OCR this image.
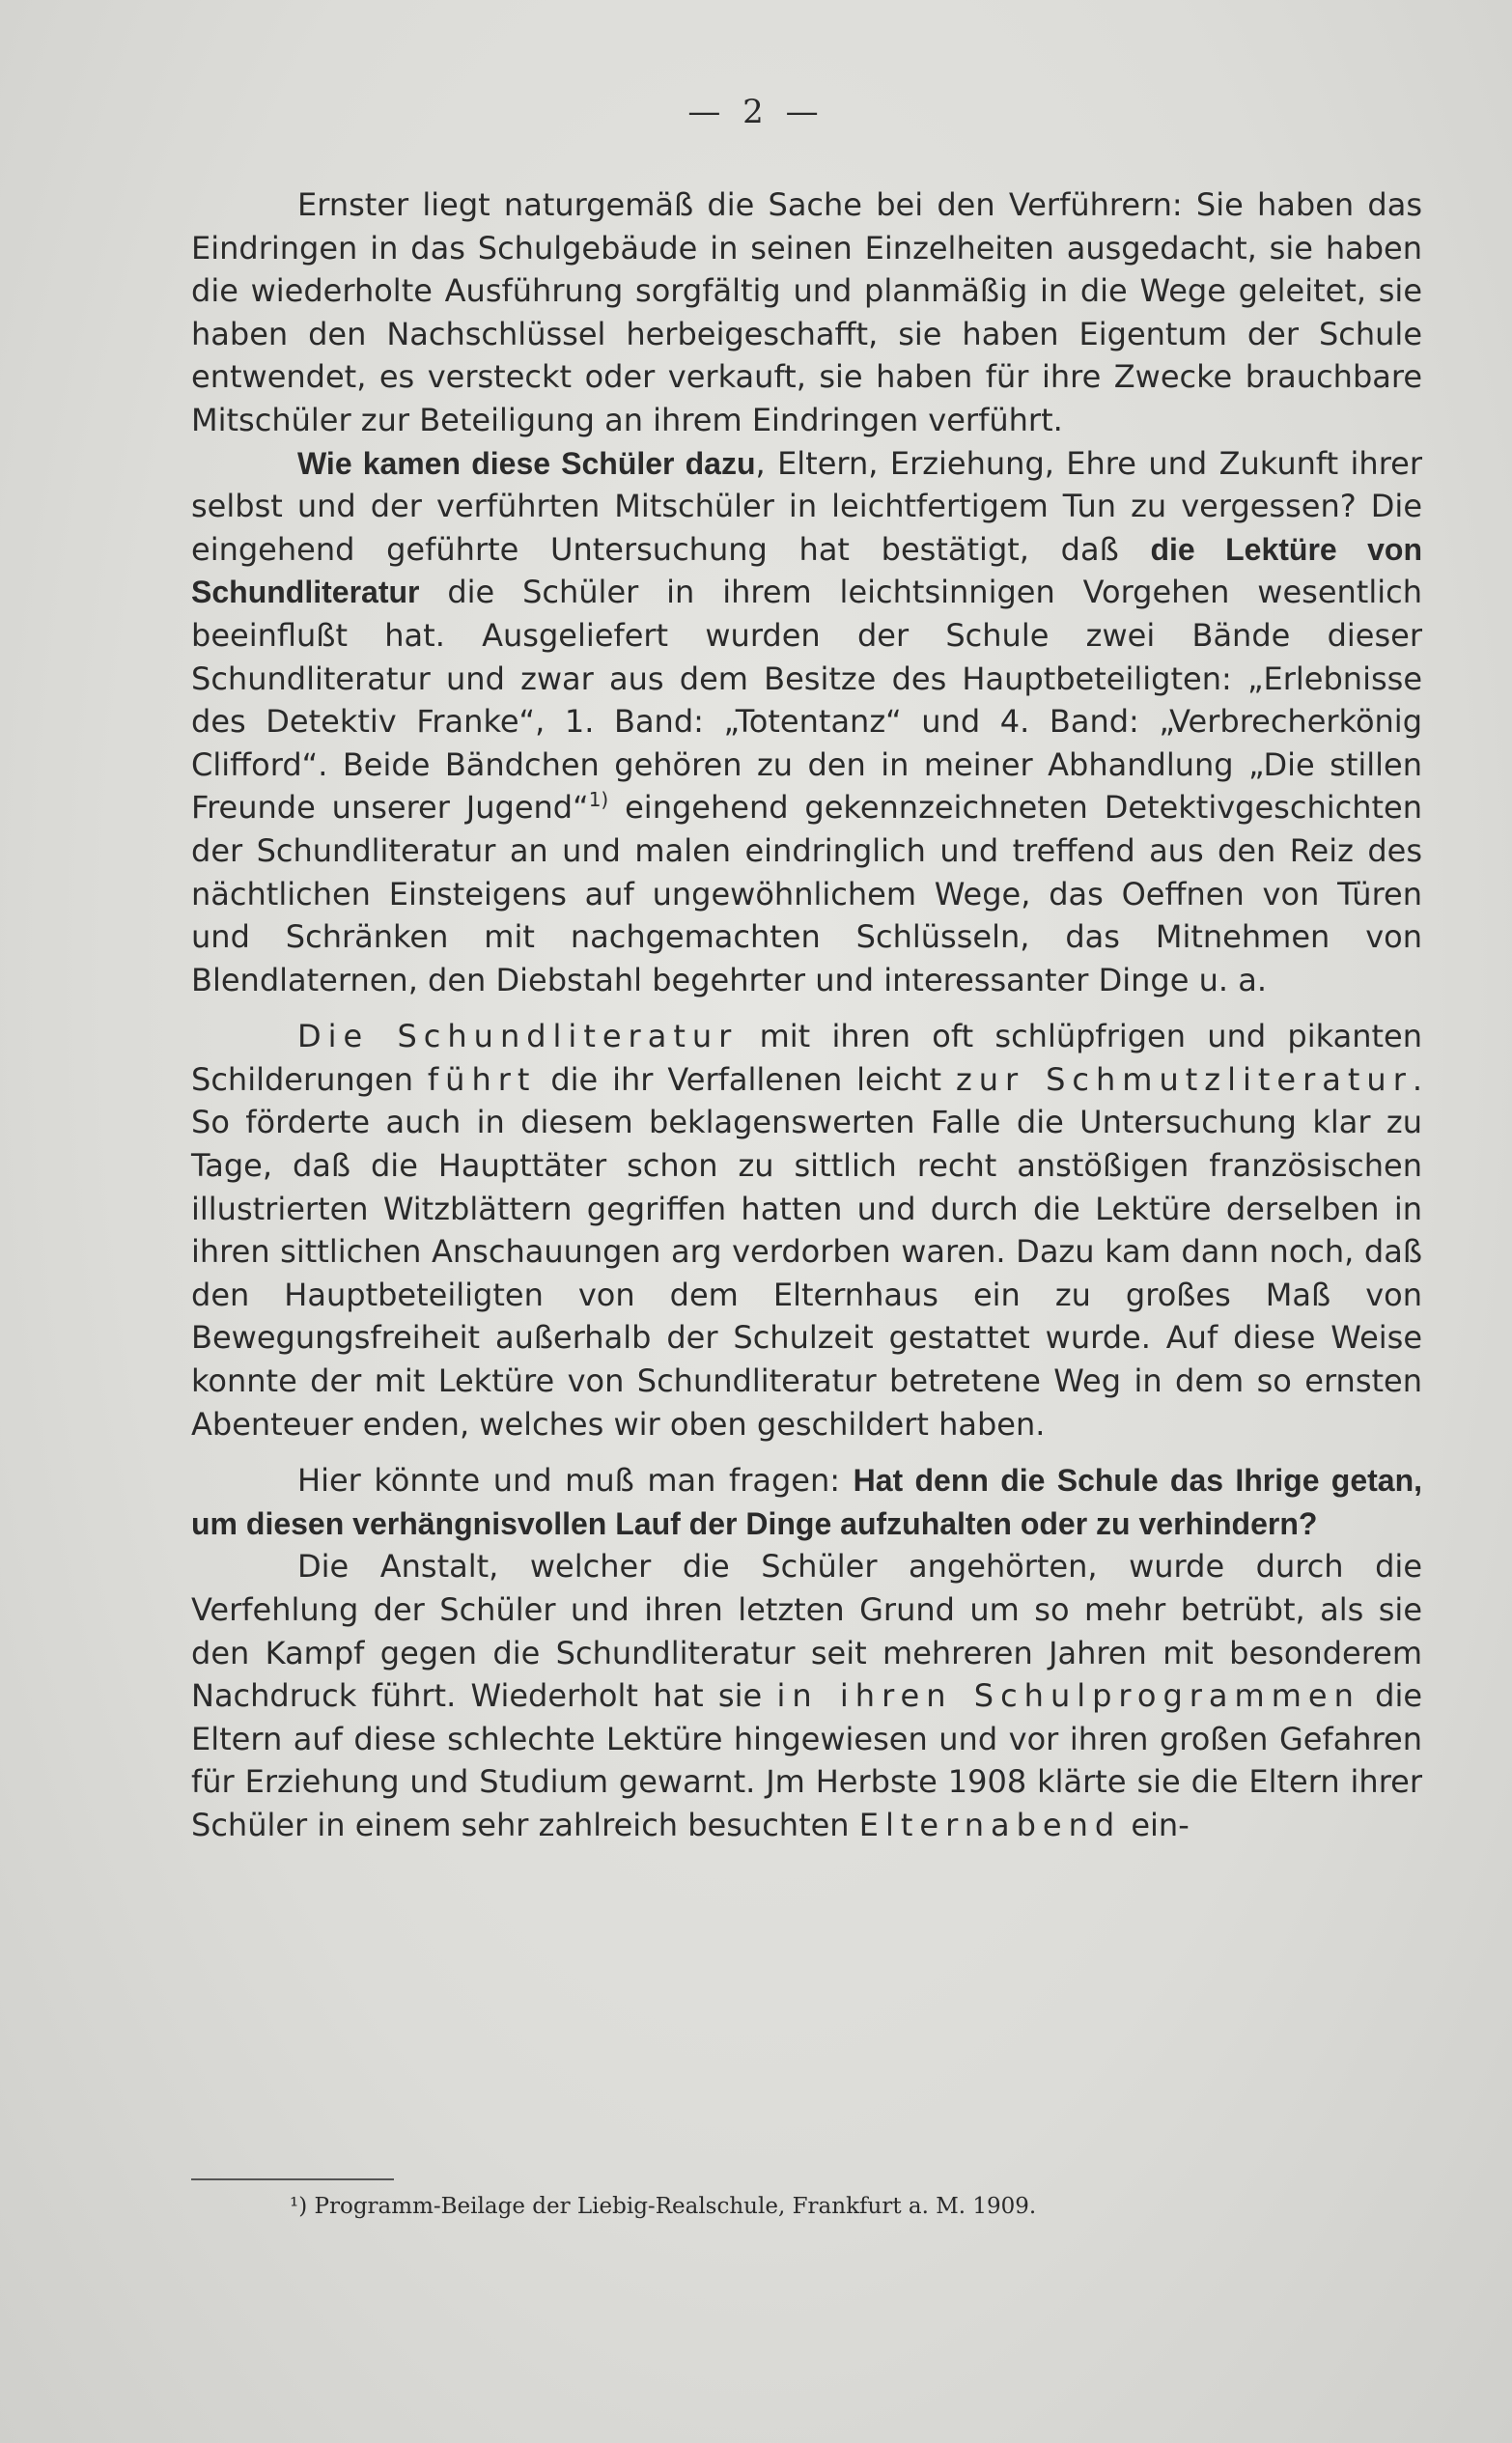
— 2 —

Ernster liegt naturgemäß die Sache bei den Verführern: Sie haben das Eindringen in das Schulgebäude in seinen Einzelheiten ausgedacht, sie haben die wiederholte Ausführung sorgfältig und planmäßig in die Wege geleitet, sie haben den Nachschlüssel herbeigeschafft, sie haben Eigentum der Schule entwendet, es versteckt oder verkauft, sie haben für ihre Zwecke brauchbare Mitschüler zur Beteiligung an ihrem Eindringen verführt.

Wie kamen diese Schüler dazu, Eltern, Erziehung, Ehre und Zukunft ihrer selbst und der verführten Mitschüler in leichtfertigem Tun zu vergessen? Die eingehend geführte Untersuchung hat bestätigt, daß die Lektüre von Schundliteratur die Schüler in ihrem leichtsinnigen Vorgehen wesentlich beeinflußt hat. Ausgeliefert wurden der Schule zwei Bände dieser Schundliteratur und zwar aus dem Besitze des Hauptbeteiligten: „Erlebnisse des Detektiv Franke“, 1. Band: „Totentanz“ und 4. Band: „Verbrecherkönig Clifford“. Beide Bändchen gehören zu den in meiner Abhandlung „Die stillen Freunde unserer Jugend“$^{1)}$ eingehend gekennzeichneten Detektivgeschichten der Schundliteratur an und malen eindringlich und treffend aus den Reiz des nächtlichen Einsteigens auf ungewöhnlichem Wege, das Oeffnen von Türen und Schränken mit nachgemachten Schlüsseln, das Mitnehmen von Blendlaternen, den Diebstahl begehrter und interessanter Dinge u. a.

Die Schundliteratur mit ihren oft schlüpfrigen und pikanten Schilderungen führt die ihr Verfallenen leicht zur Schmutzliteratur. So förderte auch in diesem beklagenswerten Falle die Untersuchung klar zu Tage, daß die Haupttäter schon zu sittlich recht anstößigen französischen illustrierten Witzblättern gegriffen hatten und durch die Lektüre derselben in ihren sittlichen Anschauungen arg verdorben waren. Dazu kam dann noch, daß den Hauptbeteiligten von dem Elternhaus ein zu großes Maß von Bewegungsfreiheit außerhalb der Schulzeit gestattet wurde. Auf diese Weise konnte der mit Lektüre von Schundliteratur betretene Weg in dem so ernsten Abenteuer enden, welches wir oben geschildert haben.

Hier könnte und muß man fragen: Hat denn die Schule das Ihrige getan, um diesen verhängnisvollen Lauf der Dinge aufzuhalten oder zu verhindern?

Die Anstalt, welcher die Schüler angehörten, wurde durch die Verfehlung der Schüler und ihren letzten Grund um so mehr betrübt, als sie den Kampf gegen die Schundliteratur seit mehreren Jahren mit besonderem Nachdruck führt. Wiederholt hat sie in ihren Schulprogrammen die Eltern auf diese schlechte Lektüre hingewiesen und vor ihren großen Gefahren für Erziehung und Studium gewarnt. Jm Herbste 1908 klärte sie die Eltern ihrer Schüler in einem sehr zahlreich besuchten Elternabend ein-

¹) Programm-Beilage der Liebig-Realschule, Frankfurt a. M. 1909.
